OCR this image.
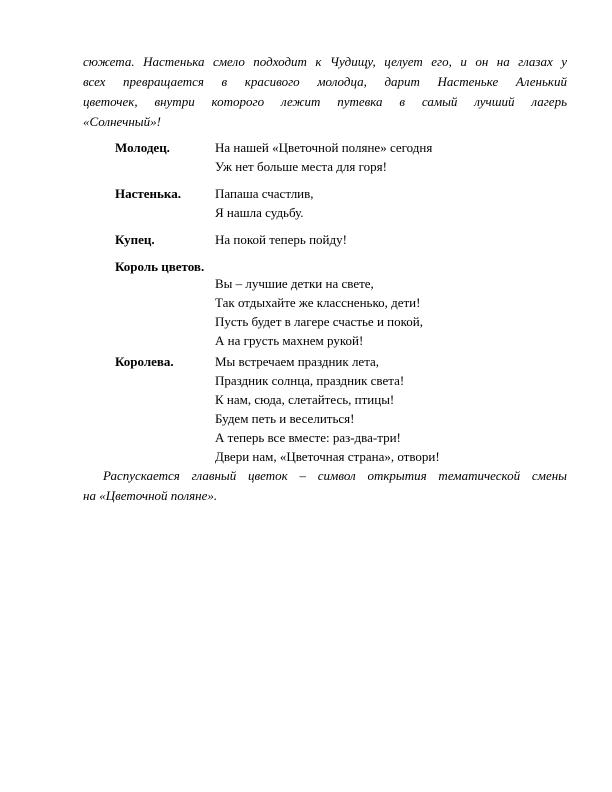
сюжета. Настенька смело подходит к Чудищу, целует его, и он на глазах у
всех превращается в красивого молодца, дарит Настеньке Аленький
цветочек, внутри которого лежит путевка в самый лучший лагерь
«Солнечный»!
Молодец.	На нашей «Цветочной поляне» сегодня
Уж нет больше места для горя!
Настенька.	Папаша счастлив,
Я нашла судьбу.
Купец.	На покой теперь пойду!
Король цветов.
Вы – лучшие детки на свете,
Так отдыхайте же классненько, дети!
Пусть будет в лагере счастье и покой,
А на грусть махнем рукой!
Королева.	Мы встречаем праздник лета,
Праздник солнца, праздник света!
К нам, сюда, слетайтесь, птицы!
Будем петь и веселиться!
А теперь все вместе: раз-два-три!
Двери нам, «Цветочная страна», отвори!
Распускается главный цветок – символ открытия тематической смены
на «Цветочной поляне».
